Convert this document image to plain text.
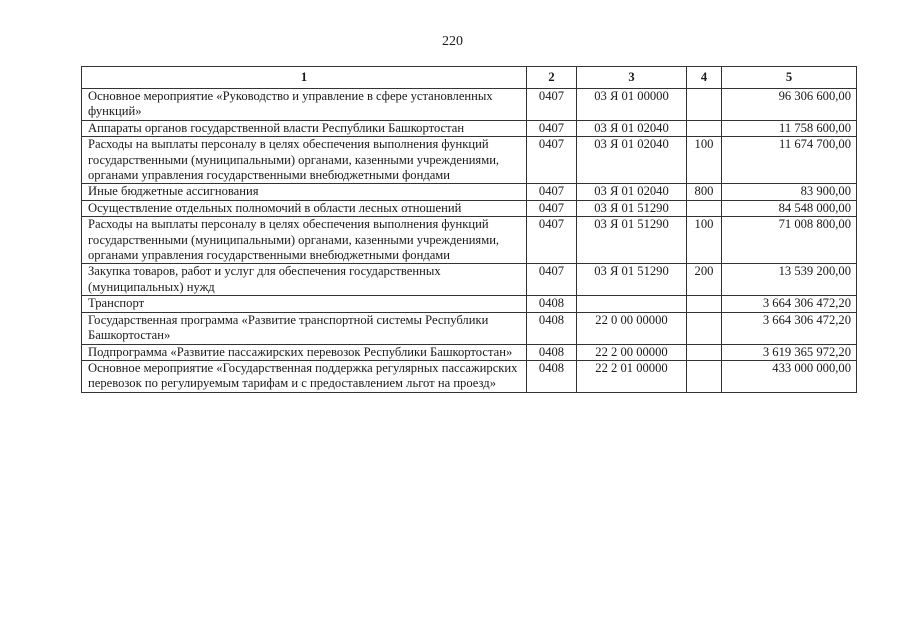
220
1	2	3	4	5
Основное мероприятие «Руководство и управление в сфере установленных функций»	0407	03 Я 01 00000		96 306 600,00
Аппараты органов государственной власти Республики Башкортостан	0407	03 Я 01 02040		11 758 600,00
Расходы на выплаты персоналу в целях обеспечения выполнения функций государственными (муниципальными) органами, казенными учреждениями, органами управления государственными внебюджетными фондами	0407	03 Я 01 02040	100	11 674 700,00
Иные бюджетные ассигнования	0407	03 Я 01 02040	800	83 900,00
Осуществление отдельных полномочий в области лесных отношений	0407	03 Я 01 51290		84 548 000,00
Расходы на выплаты персоналу в целях обеспечения выполнения функций государственными (муниципальными) органами, казенными учреждениями, органами управления государственными внебюджетными фондами	0407	03 Я 01 51290	100	71 008 800,00
Закупка товаров, работ и услуг для обеспечения государственных (муниципальных) нужд	0407	03 Я 01 51290	200	13 539 200,00
Транспорт	0408			3 664 306 472,20
Государственная программа «Развитие транспортной системы Республики Башкортостан»	0408	22 0 00 00000		3 664 306 472,20
Подпрограмма «Развитие пассажирских перевозок Республики Башкортостан»	0408	22 2 00 00000		3 619 365 972,20
Основное мероприятие «Государственная поддержка регулярных пассажирских перевозок по регулируемым тарифам и с предоставлением льгот на проезд»	0408	22 2 01 00000		433 000 000,00
